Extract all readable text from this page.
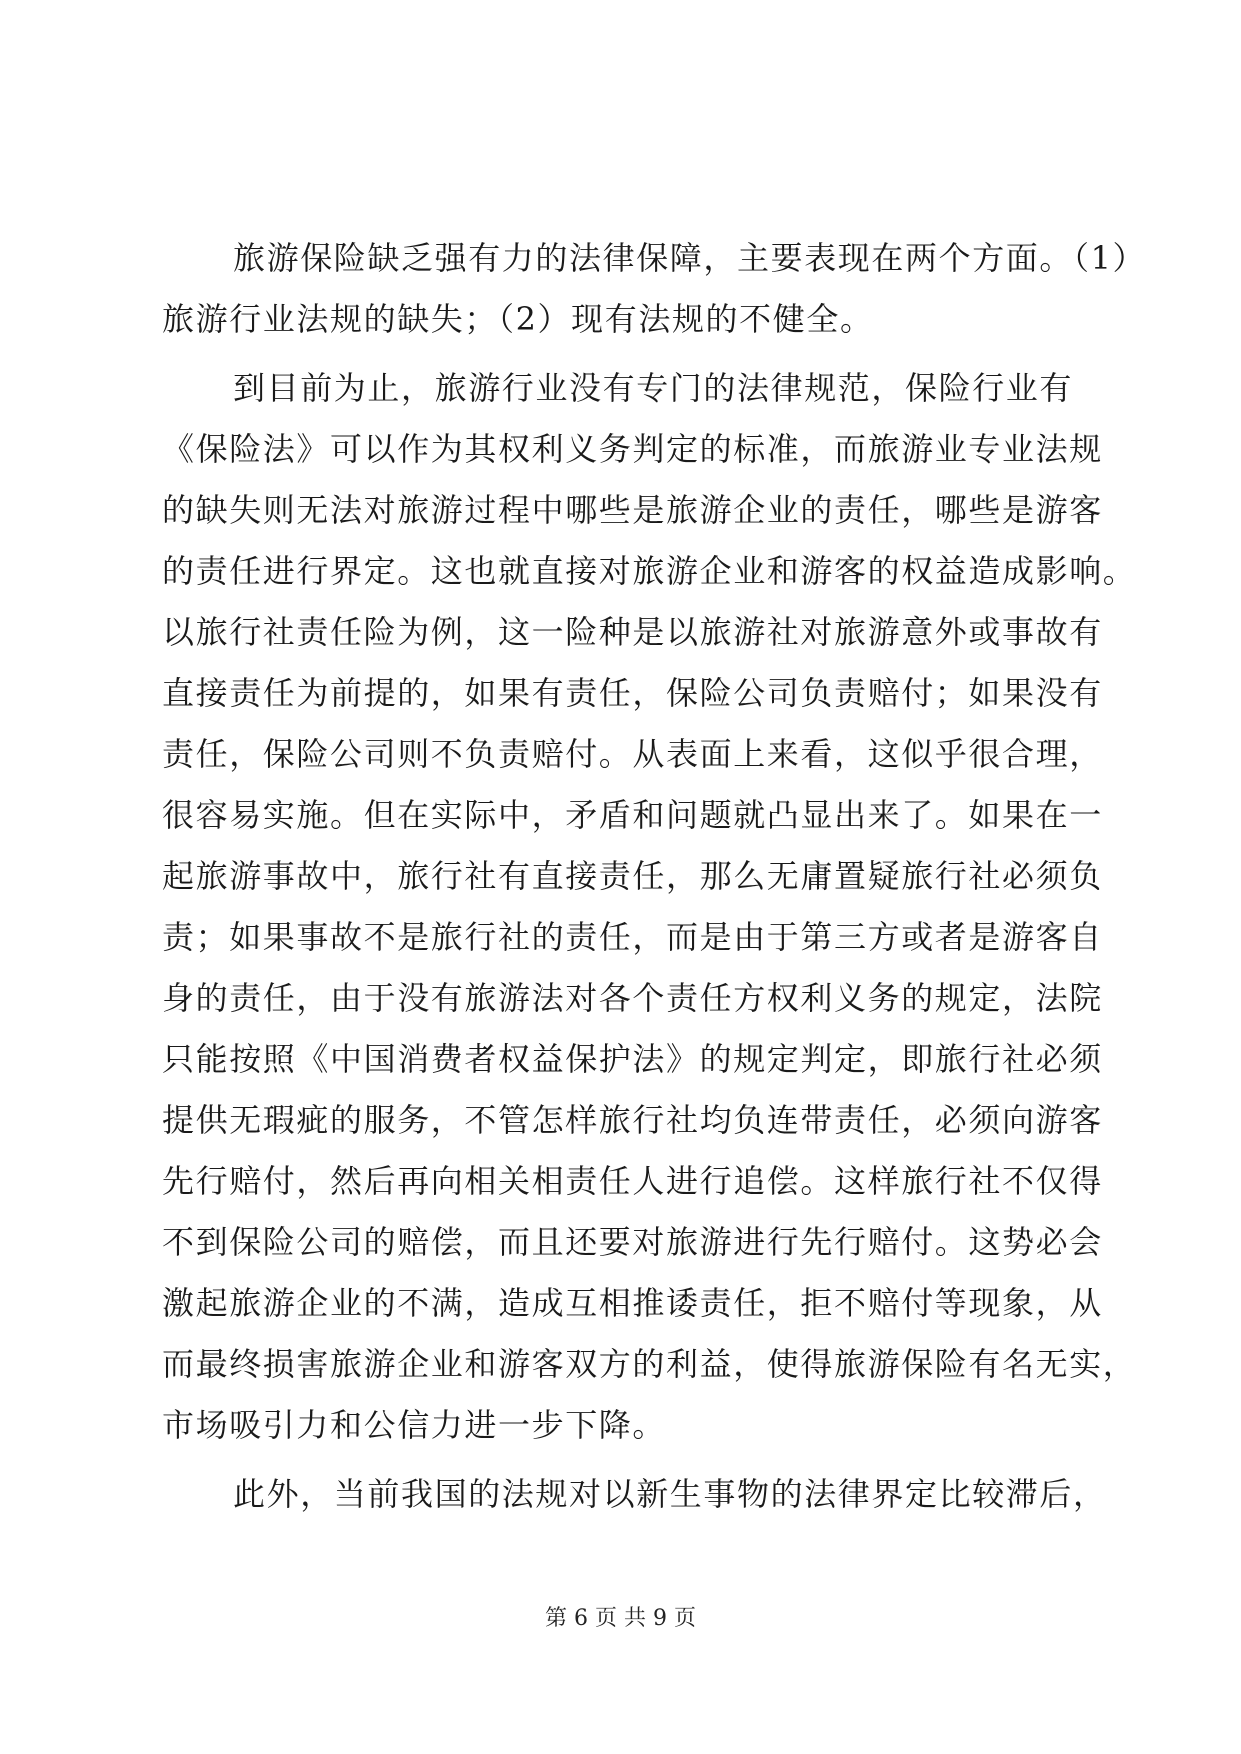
旅游保险缺乏强有力的法律保障，主要表现在两个方面。（1）
旅游行业法规的缺失；（2）现有法规的不健全。
到目前为止，旅游行业没有专门的法律规范，保险行业有
《保险法》可以作为其权利义务判定的标准，而旅游业专业法规
的缺失则无法对旅游过程中哪些是旅游企业的责任，哪些是游客
的责任进行界定。这也就直接对旅游企业和游客的权益造成影响。
以旅行社责任险为例，这一险种是以旅游社对旅游意外或事故有
直接责任为前提的，如果有责任，保险公司负责赔付；如果没有
责任，保险公司则不负责赔付。从表面上来看，这似乎很合理，
很容易实施。但在实际中，矛盾和问题就凸显出来了。如果在一
起旅游事故中，旅行社有直接责任，那么无庸置疑旅行社必须负
责；如果事故不是旅行社的责任，而是由于第三方或者是游客自
身的责任，由于没有旅游法对各个责任方权利义务的规定，法院
只能按照《中国消费者权益保护法》的规定判定，即旅行社必须
提供无瑕疵的服务，不管怎样旅行社均负连带责任，必须向游客
先行赔付，然后再向相关相责任人进行追偿。这样旅行社不仅得
不到保险公司的赔偿，而且还要对旅游进行先行赔付。这势必会
激起旅游企业的不满，造成互相推诿责任，拒不赔付等现象，从
而最终损害旅游企业和游客双方的利益，使得旅游保险有名无实，
市场吸引力和公信力进一步下降。
此外，当前我国的法规对以新生事物的法律界定比较滞后，
第 6 页 共 9 页
